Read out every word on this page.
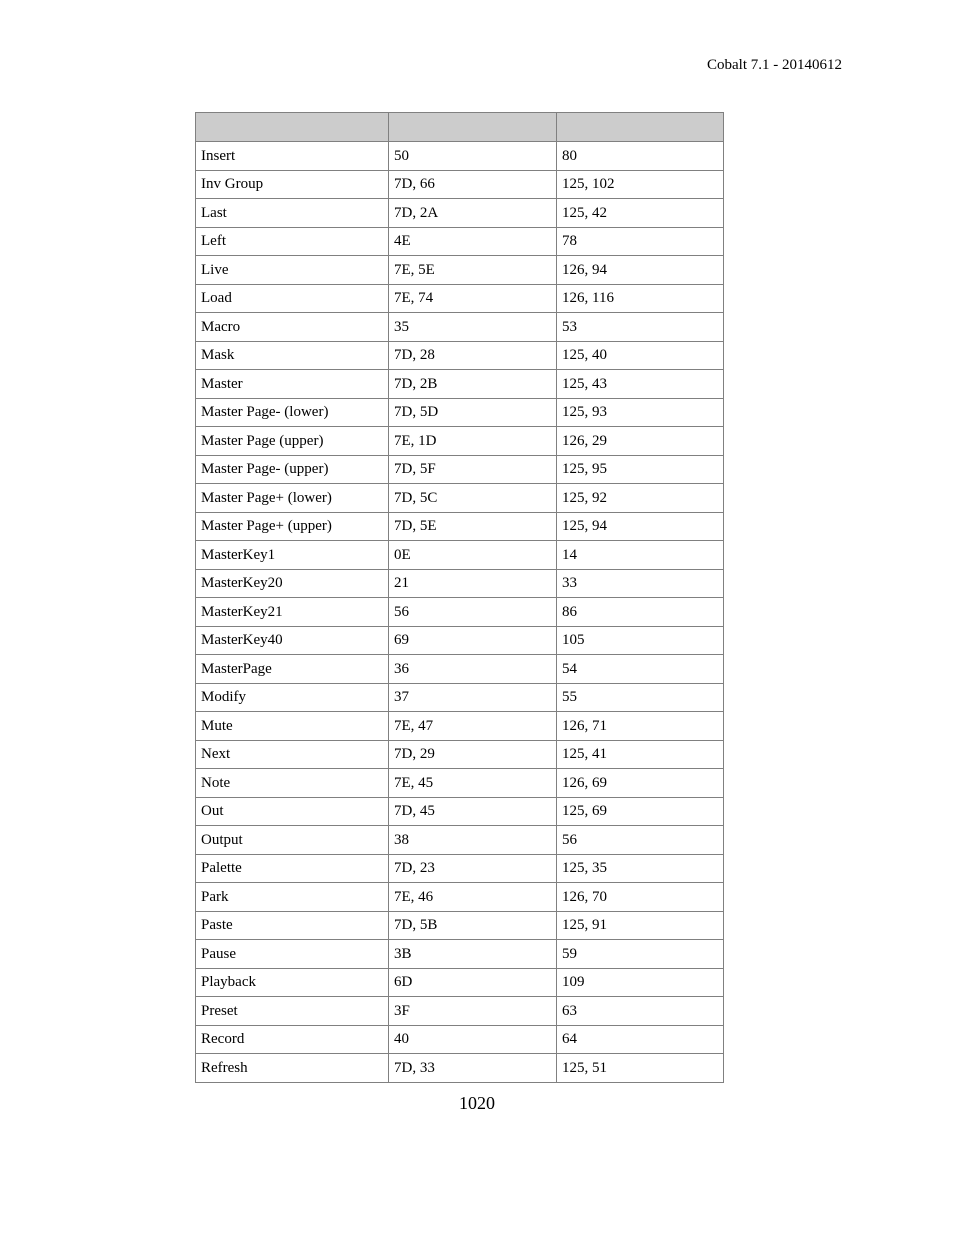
Cobalt 7.1 - 20140612

Insert	50	80
Inv Group	7D, 66	125, 102
Last	7D, 2A	125, 42
Left	4E	78
Live	7E, 5E	126, 94
Load	7E, 74	126, 116
Macro	35	53
Mask	7D, 28	125, 40
Master	7D, 2B	125, 43
Master Page- (lower)	7D, 5D	125, 93
Master Page (upper)	7E, 1D	126, 29
Master Page- (upper)	7D, 5F	125, 95
Master Page+ (lower)	7D, 5C	125, 92
Master Page+ (upper)	7D, 5E	125, 94
MasterKey1	0E	14
MasterKey20	21	33
MasterKey21	56	86
MasterKey40	69	105
MasterPage	36	54
Modify	37	55
Mute	7E, 47	126, 71
Next	7D, 29	125, 41
Note	7E, 45	126, 69
Out	7D, 45	125, 69
Output	38	56
Palette	7D, 23	125, 35
Park	7E, 46	126, 70
Paste	7D, 5B	125, 91
Pause	3B	59
Playback	6D	109
Preset	3F	63
Record	40	64
Refresh	7D, 33	125, 51
1020
